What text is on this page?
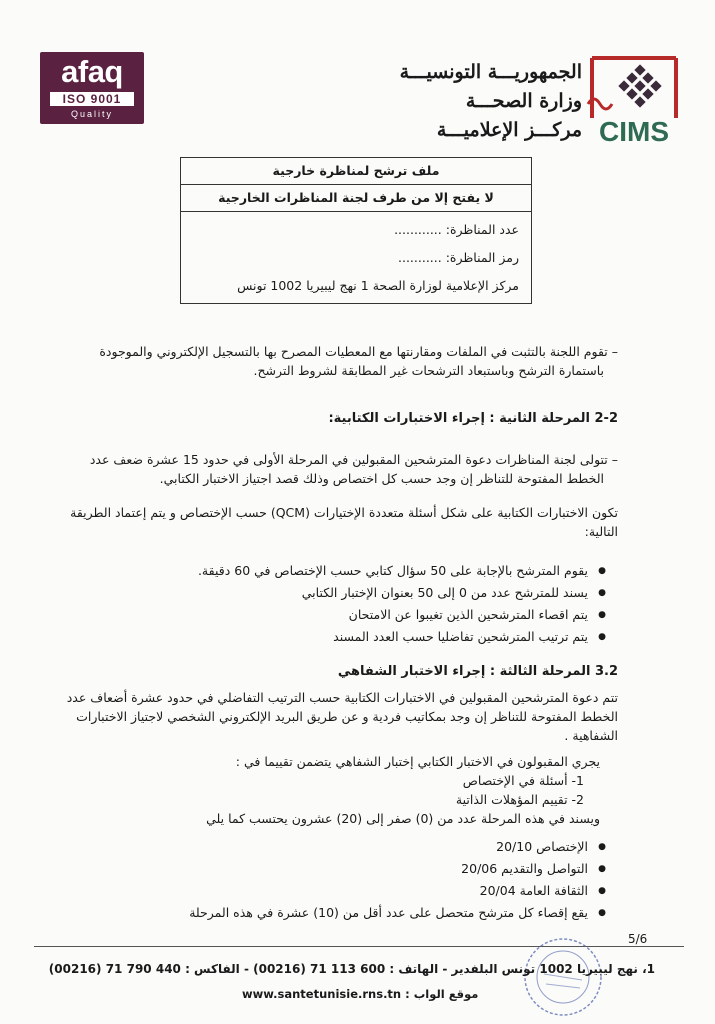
afaq
ISO 9001
Quality
الجمهوريـــة التونسيـــة
وزارة الصحـــة
مركـــز الإعلاميـــة CIMS
ملف ترشح لمناظرة خارجية
لا يفتح إلا من طرف لجنة المناظرات الخارجية
عدد المناظرة: ............
رمز المناظرة: ...........
مركز الإعلامية لوزارة الصحة 1 نهج ليبيريا 1002 تونس
– تقوم اللجنة بالتثبت في الملفات ومقارنتها مع المعطيات المصرح بها بالتسجيل الإلكتروني والموجودة
باستمارة الترشح وباستبعاد الترشحات غير المطابقة لشروط الترشح.
2-2 المرحلة الثانية : إجراء الاختبارات الكتابية:
– تتولى لجنة المناظرات دعوة المترشحين المقبولين في المرحلة الأولى في حدود 15 عشرة ضعف عدد
الخطط المفتوحة للتناظر إن وجد حسب كل اختصاص وذلك قصد اجتياز الاختبار الكتابي.
تكون الاختبارات الكتابية على شكل أسئلة متعددة الإختيارات (QCM) حسب الإختصاص و يتم إعتماد الطريقة
التالية:
● يقوم المترشح بالإجابة على 50 سؤال كتابي حسب الإختصاص في 60 دقيقة.
● يسند للمترشح عدد من 0 إلى 50 بعنوان الإختبار الكتابي
● يتم اقصاء المترشحين الذين تغيبوا عن الامتحان
● يتم ترتيب المترشحين تفاضليا حسب العدد المسند
3.2 المرحلة الثالثة : إجراء الاختبار الشفاهي
تتم دعوة المترشحين المقبولين في الاختبارات الكتابية حسب الترتيب التفاضلي في حدود عشرة أضعاف عدد
الخطط المفتوحة للتناظر إن وجد بمكاتيب فردية و عن طريق البريد الإلكتروني الشخصي لاجتياز الاختبارات
الشفاهية .
يجري المقبولون في الاختبار الكتابي إختبار الشفاهي يتضمن تقييما في :
1- أسئلة في الإختصاص
2- تقييم المؤهلات الذاتية
ويسند في هذه المرحلة عدد من (0) صفر إلى (20) عشرون يحتسب كما يلي
● الإختصاص 20/10
● التواصل والتقديم 20/06
● الثقافة العامة 20/04
● يقع إقصاء كل مترشح متحصل على عدد أقل من (10) عشرة في هذه المرحلة
5/6
1، نهج ليبيريا 1002 تونس البلفدير - الهاتف : 600 113 71 (00216) - الفاكس : 440 790 71 (00216)
www.santetunisie.rns.tn : موقع الواب
